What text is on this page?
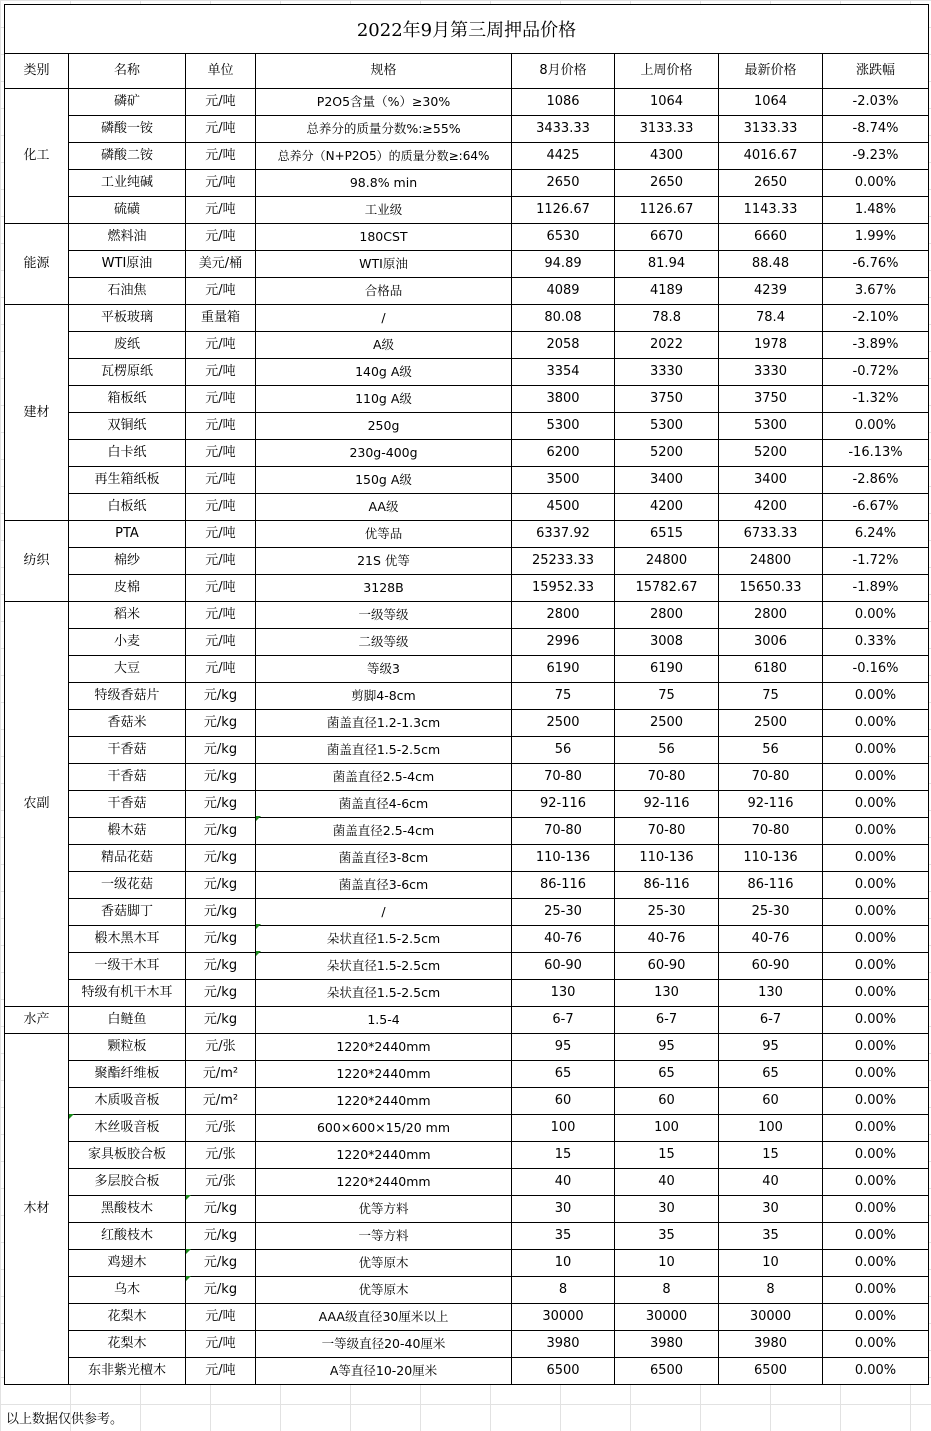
2022年9月第三周押品价格
类别	名称	单位	规格	8月价格	上周价格	最新价格	涨跌幅
化工	磷矿	元/吨	P2O5含量（%）≥30%	1086	1064	1064	-2.03%
	磷酸一铵	元/吨	总养分的质量分数%:≥55%	3433.33	3133.33	3133.33	-8.74%
	磷酸二铵	元/吨	总养分（N+P2O5）的质量分数≥:64%	4425	4300	4016.67	-9.23%
	工业纯碱	元/吨	98.8% min	2650	2650	2650	0.00%
	硫磺	元/吨	工业级	1126.67	1126.67	1143.33	1.48%
能源	燃料油	元/吨	180CST	6530	6670	6660	1.99%
	WTI原油	美元/桶	WTI原油	94.89	81.94	88.48	-6.76%
	石油焦	元/吨	合格品	4089	4189	4239	3.67%
建材	平板玻璃	重量箱	/	80.08	78.8	78.4	-2.10%
	废纸	元/吨	A级	2058	2022	1978	-3.89%
	瓦楞原纸	元/吨	140g A级	3354	3330	3330	-0.72%
	箱板纸	元/吨	110g A级	3800	3750	3750	-1.32%
	双铜纸	元/吨	250g	5300	5300	5300	0.00%
	白卡纸	元/吨	230g-400g	6200	5200	5200	-16.13%
	再生箱纸板	元/吨	150g A级	3500	3400	3400	-2.86%
	白板纸	元/吨	AA级	4500	4200	4200	-6.67%
纺织	PTA	元/吨	优等品	6337.92	6515	6733.33	6.24%
	棉纱	元/吨	21S 优等	25233.33	24800	24800	-1.72%
	皮棉	元/吨	3128B	15952.33	15782.67	15650.33	-1.89%
农副	稻米	元/吨	一级等级	2800	2800	2800	0.00%
	小麦	元/吨	二级等级	2996	3008	3006	0.33%
	大豆	元/吨	等级3	6190	6190	6180	-0.16%
	特级香菇片	元/kg	剪脚4-8cm	75	75	75	0.00%
	香菇米	元/kg	菌盖直径1.2-1.3cm	2500	2500	2500	0.00%
	干香菇	元/kg	菌盖直径1.5-2.5cm	56	56	56	0.00%
	干香菇	元/kg	菌盖直径2.5-4cm	70-80	70-80	70-80	0.00%
	干香菇	元/kg	菌盖直径4-6cm	92-116	92-116	92-116	0.00%
	椴木菇	元/kg	菌盖直径2.5-4cm	70-80	70-80	70-80	0.00%
	精品花菇	元/kg	菌盖直径3-8cm	110-136	110-136	110-136	0.00%
	一级花菇	元/kg	菌盖直径3-6cm	86-116	86-116	86-116	0.00%
	香菇脚丁	元/kg	/	25-30	25-30	25-30	0.00%
	椴木黑木耳	元/kg	朵状直径1.5-2.5cm	40-76	40-76	40-76	0.00%
	一级干木耳	元/kg	朵状直径1.5-2.5cm	60-90	60-90	60-90	0.00%
	特级有机干木耳	元/kg	朵状直径1.5-2.5cm	130	130	130	0.00%
水产	白鲢鱼	元/kg	1.5-4	6-7	6-7	6-7	0.00%
木材	颗粒板	元/张	1220*2440mm	95	95	95	0.00%
	聚酯纤维板	元/m²	1220*2440mm	65	65	65	0.00%
	木质吸音板	元/m²	1220*2440mm	60	60	60	0.00%
	木丝吸音板	元/张	600×600×15/20 mm	100	100	100	0.00%
	家具板胶合板	元/张	1220*2440mm	15	15	15	0.00%
	多层胶合板	元/张	1220*2440mm	40	40	40	0.00%
	黑酸枝木	元/kg	优等方料	30	30	30	0.00%
	红酸枝木	元/kg	一等方料	35	35	35	0.00%
	鸡翅木	元/kg	优等原木	10	10	10	0.00%
	乌木	元/kg	优等原木	8	8	8	0.00%
	花梨木	元/吨	AAA级直径30厘米以上	30000	30000	30000	0.00%
	花梨木	元/吨	一等级直径20-40厘米	3980	3980	3980	0.00%
	东非紫光檀木	元/吨	A等直径10-20厘米	6500	6500	6500	0.00%
以上数据仅供参考。
